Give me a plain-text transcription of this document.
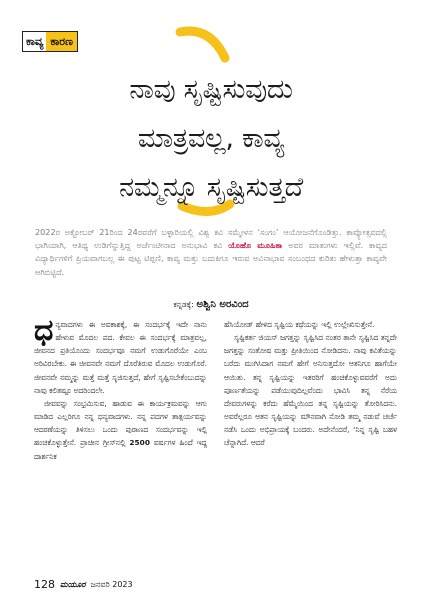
ಕಾವ್ಯ ಕಾರಣ
ನಾವು ಸೃಷ್ಟಿಸುವುದು
ಮಾತ್ರವಲ್ಲ, ಕಾವ್ಯ
ನಮ್ಮನ್ನೂ ಸೃಷ್ಟಿಸುತ್ತದೆ
2022ರ ಅಕ್ಟೋಬರ್ 21ರಿಂದ 24ರವರೆಗೆ ಬಳ್ಳಾರಿಯಲ್ಲಿ ವಿಶ್ವ ಕವಿ ಸಮ್ಮೇಳನ ‘ಸಂಗಂ’ ಆಯೋಜನೆಗೊಂಡಿತ್ತು. ಕಾವ್ಯೋತ್ಸವದಲ್ಲಿ ಭಾಗಿಯಾಗಿ, ಆತಿಥ್ಯ ಉಡಿಗೆನ್ನುತ್ತಿದ್ದ ಅರ್ಜೆಂಟೀನಾದ ಅನುಭಾವಿ ಕವಿ ಯೊಹೊ ಮೂಹಿಕಾ ಅವರ ಮಾತುಗಳು ಇಲ್ಲಿವೆ. ಕಾವ್ಯದ ವಿದ್ಯಾರ್ಥಿಗಳಿಗೆ ಪ್ರಿಯವಾಗಬಲ್ಲ ಈ ಪುಟ್ಟ ಟಿಪ್ಪಣಿ, ಕಾವ್ಯ ಮತ್ತು ಬದುಕಿಗೂ ಇರುವ ಅವಿನಾಭಾವ ಸಂಬಂಧದ ಕುರಿತು ಹೇಳುತ್ತಾ ಕಾವ್ಯವೇ ಆಗಿಬಿಟ್ಟಿದೆ.
ಕನ್ನಡಕ್ಕೆ: ಅಶ್ವಿನಿ ಅರವಿಂದ

ಧನ್ಯವಾದಗಳು ಈ ಅವಕಾಶಕ್ಕೆ, ಈ ಸಂದರ್ಭಕ್ಕೆ ಇದೇ ನಾನು ಹೇಳುವ ಮೊದಲ ಪದ. ಕೇವಲ ಈ ಸಂದರ್ಭಕ್ಕೆ ಮಾತ್ರವಲ್ಲ, ಜೀವನದ ಪ್ರತಿಯೊಂದು ಸಂದರ್ಭವೂ ನಮಗೆ ಉಡುಗೊರೆಯೇ ಎಂಬ ಅರಿವಿರಬೇಕು. ಈ ಜೀವನವೇ ನಮಗೆ ದೊರೆತಿರುವ ಮೊದಲ ಉಡುಗೊರೆ. ಜೀವನವೇ ನಮ್ಮನ್ನು ಮತ್ತೆ ಮತ್ತೆ ಸೃಜಿಸುತ್ತದೆ, ಹೇಗೆ ಸೃಷ್ಟಿಸಬೇಕೆಂಬುದನ್ನು ನಾವು ಕಲಿತಷ್ಟೂ ಅದರಿಂದಲೇ.

ಜೀವವನ್ನು ಸಂಭ್ರಮಿಸುವ, ಹಾಡುವ ಈ ಕಾರ್ಯಕ್ರಮವನ್ನು ಆಗು ಮಾಡಿದ ಎಲ್ಲರಿಗೂ ನನ್ನ ಧನ್ಯವಾದಗಳು. ನನ್ನ ಪದಗಳ ತಾತ್ಪರ್ಯವನ್ನು ಆದರಣೆಯನ್ನು ತಿಳಿಸಲು ಒಂದು ಪುರಾಣದ ಸಂದರ್ಭವನ್ನು ಇಲ್ಲಿ ಹಂಚಿಕೊಳ್ಳುತ್ತೇನೆ. ಪ್ರಾಚೀನ ಗ್ರೀಸ್‌ನಲ್ಲಿ 2500 ವರ್ಷಗಳ ಹಿಂದೆ ಇದ್ದ ದಾರ್ಶನಿಕ

ಹೆಸಿಯೋಡ್ ಹೇಳಿದ ಸೃಷ್ಟಿಯ ಕಥೆಯನ್ನು ಇಲ್ಲಿ ಉಲ್ಲೇಖಿಸುತ್ತೇನೆ.

ಸೃಷ್ಟಿಕರ್ತ ಜಿಯಸ್ ಜಗತ್ತನ್ನು ಸೃಷ್ಟಿಸಿದ ನಂತರ ತಾನೇ ಸೃಷ್ಟಿಸಿದ ತನ್ನದೇ ಜಗತ್ತನ್ನು ಸಂತೋಷ ಮತ್ತು ಪ್ರೀತಿಯಿಂದ ನೋಡಿದನು. ನಾವು ಕವಿತೆಯನ್ನು ಬರೆದು ಮುಗಿಸಿದಾಗ ನಮಗೆ ಹೇಗೆ ಅನಿಸುತ್ತದೋ ಆತನಿಗೂ ಹಾಗೆಯೇ ಆಯಿತು. ತನ್ನ ಸೃಷ್ಟಿಯನ್ನು ಇತರರಿಗೆ ಹಂಚಿಕೊಳ್ಳುವವರೆಗೆ ಅದು ಪೂರ್ಣತೆಯನ್ನು ಪಡೆಯುವುದಿಲ್ಲವೆಂದು ಭಾವಿಸಿ ತನ್ನ ನೆರೆಯ ದೇವರುಗಳನ್ನು ಕರೆದು ಹೆಮ್ಮೆಯಿಂದ ತನ್ನ ಸೃಷ್ಟಿಯನ್ನು ತೋರಿಸಿದನು. ಅವರೆಲ್ಲರೂ ಆತನ ಸೃಷ್ಟಿಯನ್ನು ಮೌನವಾಗಿ ನೋಡಿ ತಮ್ಮ ನಡುವೆ ಚರ್ಚೆ ನಡೆಸಿ ಒಂದು ಅಭಿಪ್ರಾಯಕ್ಕೆ ಬಂದರು. ಅದೇನೆಂದರೆ, ‘ನಿನ್ನ ಸೃಷ್ಟಿ ಬಹಳ ಚೆನ್ನಾಗಿದೆ. ಆದರೆ

128 ಮಯೂರ ಜನವರಿ 2023
